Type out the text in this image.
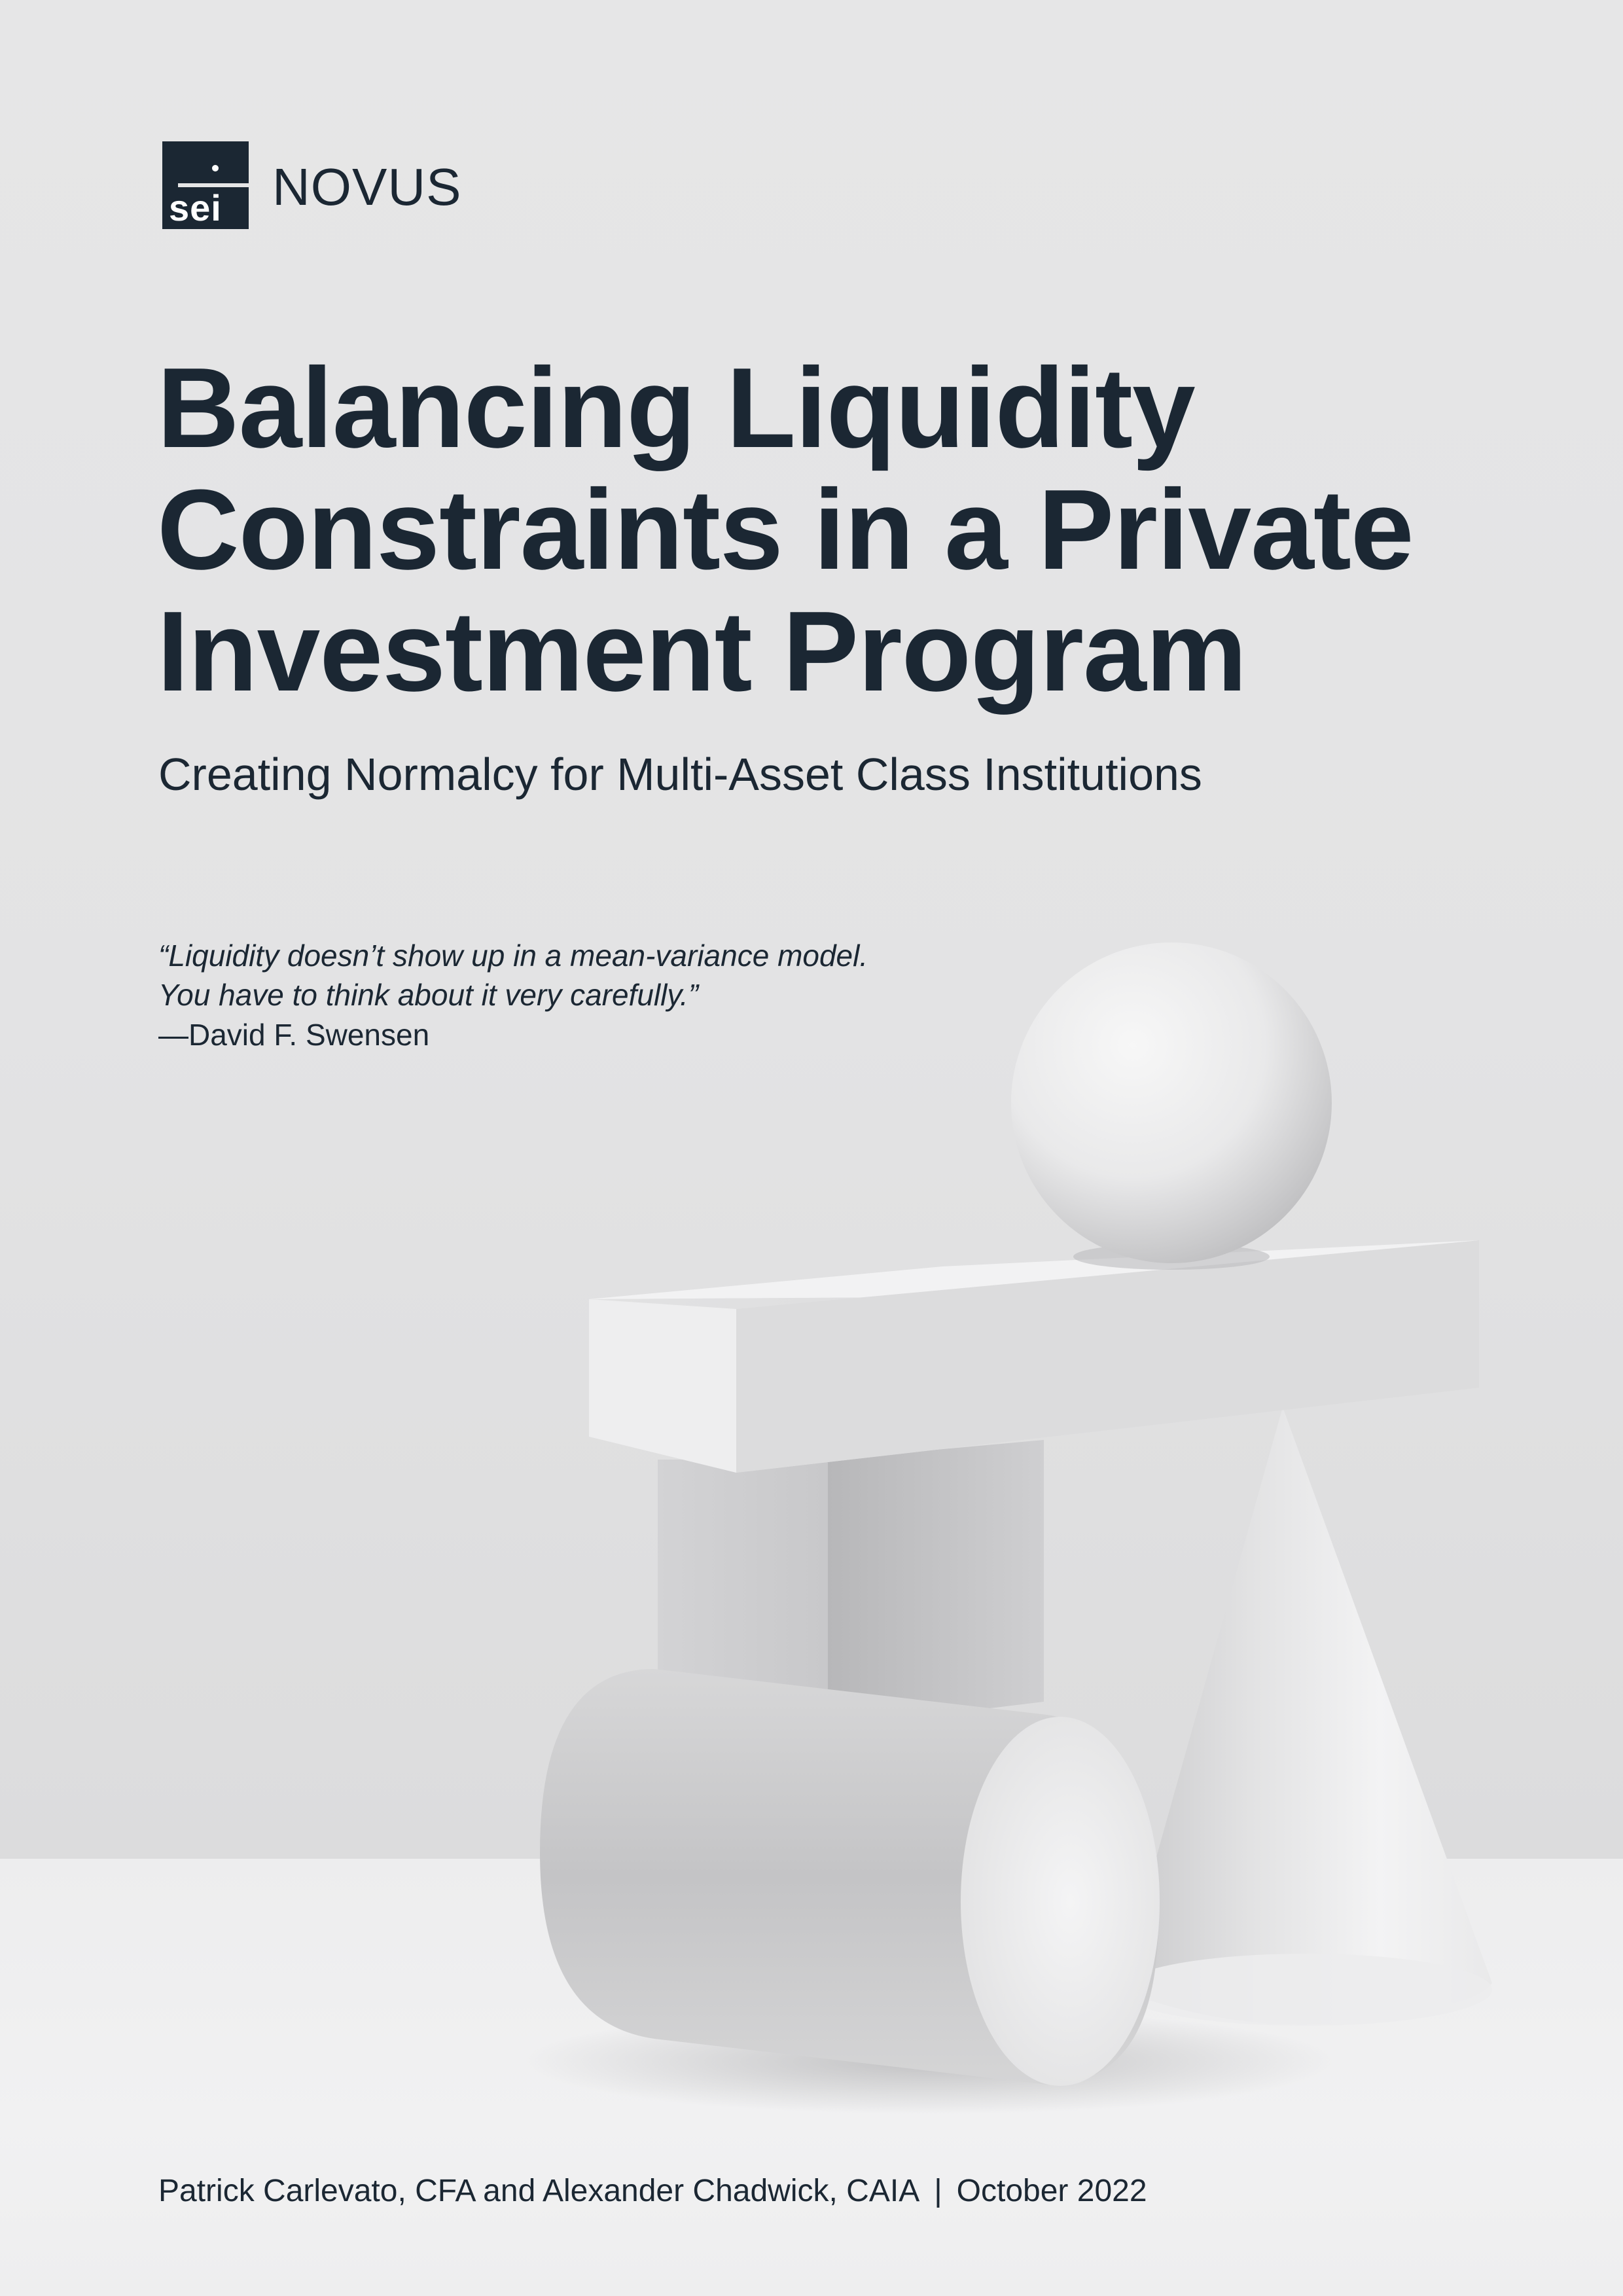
sei NOVUS
Balancing Liquidity
Constraints in a Private
Investment Program
Creating Normalcy for Multi-Asset Class Institutions
“Liquidity doesn’t show up in a mean-variance model.
You have to think about it very carefully.”
—David F. Swensen
Patrick Carlevato, CFA and Alexander Chadwick, CAIA | October 2022
